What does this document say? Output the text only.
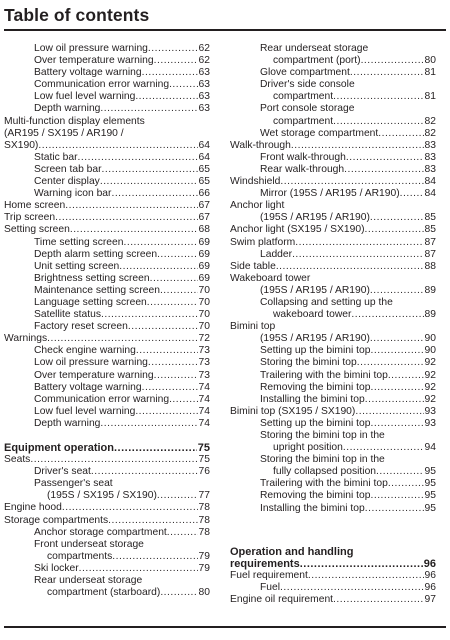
Table of contents
Low oil pressure warning .....	62
Over temperature warning .....	62
Battery voltage warning .....	63
Communication error warning .....	63
Low fuel level warning .....	63
Depth warning .....	63
Multi-function display elements
(AR195 / SX195 / AR190 /
SX190) .....	64
Static bar .....	64
Screen tab bar .....	65
Center display .....	65
Warning icon bar .....	66
Home screen .....	67
Trip screen .....	67
Setting screen .....	68
Time setting screen .....	69
Depth alarm setting screen .....	69
Unit setting screen .....	69
Brightness setting screen .....	69
Maintenance setting screen .....	70
Language setting screen .....	70
Satellite status .....	70
Factory reset screen .....	70
Warnings .....	72
Check engine warning .....	73
Low oil pressure warning .....	73
Over temperature warning .....	73
Battery voltage warning .....	74
Communication error warning .....	74
Low fuel level warning .....	74
Depth warning .....	74
Equipment operation .....	75
Seats .....	75
Driver's seat .....	76
Passenger's seat
(195S / SX195 / SX190) .....	77
Engine hood .....	78
Storage compartments .....	78
Anchor storage compartment .....	78
Front underseat storage
compartments .....	79
Ski locker .....	79
Rear underseat storage
compartment (starboard) .....	80
Rear underseat storage
compartment (port) .....	80
Glove compartment .....	81
Driver's side console
compartment .....	81
Port console storage
compartment .....	82
Wet storage compartment .....	82
Walk-through .....	83
Front walk-through .....	83
Rear walk-through .....	83
Windshield .....	84
Mirror (195S / AR195 / AR190) ..... 84
Anchor light
(195S / AR195 / AR190) .....	85
Anchor light (SX195 / SX190) .....	85
Swim platform .....	87
Ladder .....	87
Side table .....	88
Wakeboard tower
(195S / AR195 / AR190) .....	89
Collapsing and setting up the
wakeboard tower .....	89
Bimini top
(195S / AR195 / AR190) .....	90
Setting up the bimini top .....	90
Storing the bimini top .....	92
Trailering with the bimini top .....	92
Removing the bimini top .....	92
Installing the bimini top .....	92
Bimini top (SX195 / SX190) .....	93
Setting up the bimini top .....	93
Storing the bimini top in the
upright position .....	94
Storing the bimini top in the
fully collapsed position .....	95
Trailering with the bimini top .....	95
Removing the bimini top .....	95
Installing the bimini top .....	95
Operation and handling
requirements .....	96
Fuel requirement .....	96
Fuel .....	96
Engine oil requirement .....	97
